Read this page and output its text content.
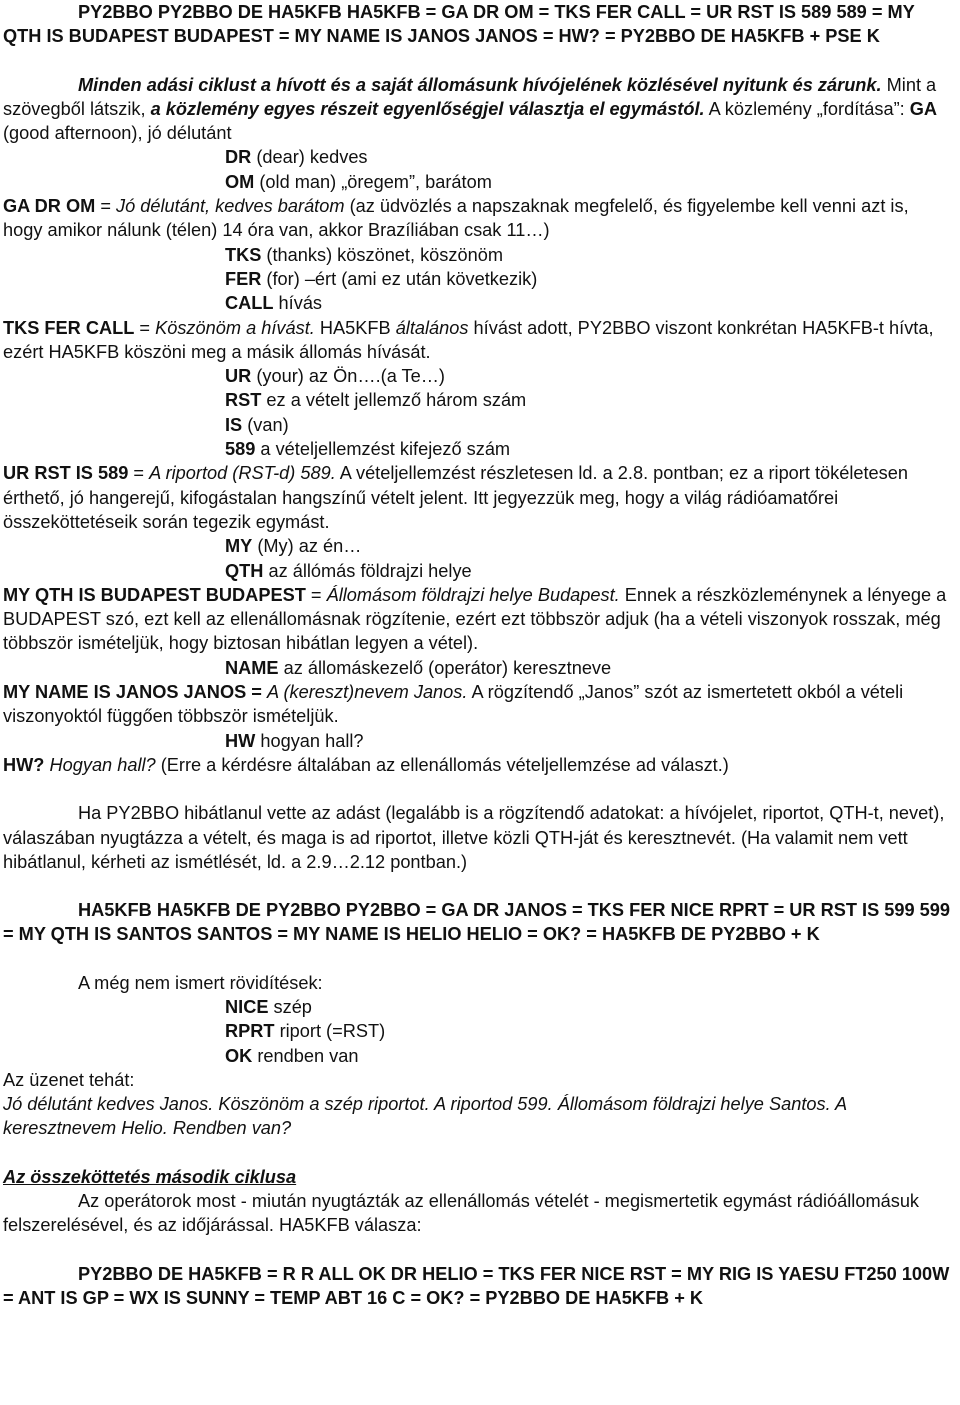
PY2BBO PY2BBO DE HA5KFB HA5KFB = GA DR OM = TKS FER CALL = UR RST IS 589 589 = MY QTH IS BUDAPEST BUDAPEST = MY NAME IS JANOS JANOS = HW? = PY2BBO DE HA5KFB + PSE K

Minden adási ciklust a hívott és a saját állomásunk hívójelének közlésével nyitunk és zárunk. Mint a szövegből látszik, a közlemény egyes részeit egyenlőségjel választja el egymástól. A közlemény „fordítása”: GA (good afternoon), jó délutánt

DR (dear) kedves

OM (old man) „öregem”, barátom

GA DR OM = Jó délutánt, kedves barátom (az üdvözlés a napszaknak megfelelő, és figyelembe kell venni azt is, hogy amikor nálunk (télen) 14 óra van, akkor Brazíliában csak 11…)

TKS (thanks) köszönet, köszönöm

FER (for) –ért (ami ez után következik)

CALL hívás

TKS FER CALL = Köszönöm a hívást. HA5KFB általános hívást adott, PY2BBO viszont konkrétan HA5KFB-t hívta, ezért HA5KFB köszöni meg a másik állomás hívását.

UR (your) az Ön….(a Te…)

RST ez a vételt jellemző három szám

IS (van)

589 a vételjellemzést kifejező szám

UR RST IS 589 = A riportod (RST-d) 589. A vételjellemzést részletesen ld. a 2.8. pontban; ez a riport tökéletesen érthető, jó hangerejű, kifogástalan hangszínű vételt jelent. Itt jegyezzük meg, hogy a világ rádióamatőrei összeköttetéseik során tegezik egymást.

MY (My) az én…

QTH az állómás földrajzi helye

MY QTH IS BUDAPEST BUDAPEST = Állomásom földrajzi helye Budapest. Ennek a részközleménynek a lényege a BUDAPEST szó, ezt kell az ellenállomásnak rögzítenie, ezért ezt többször adjuk (ha a vételi viszonyok rosszak, még többször ismételjük, hogy biztosan hibátlan legyen a vétel).

NAME az állomáskezelő (operátor) keresztneve

MY NAME IS JANOS JANOS = A (kereszt)nevem Janos. A rögzítendő „Janos” szót az ismertetett okból a vételi viszonyoktól függően többször ismételjük.

HW hogyan hall?

HW? Hogyan hall? (Erre a kérdésre általában az ellenállomás vételjellemzése ad választ.)

Ha PY2BBO hibátlanul vette az adást (legalább is a rögzítendő adatokat: a hívójelet, riportot, QTH-t, nevet), válaszában nyugtázza a vételt, és maga is ad riportot, illetve közli QTH-ját és keresztnevét. (Ha valamit nem vett hibátlanul, kérheti az ismétlését, ld. a 2.9…2.12 pontban.)

HA5KFB HA5KFB DE PY2BBO PY2BBO = GA DR JANOS = TKS FER NICE RPRT = UR RST IS 599 599 = MY QTH IS SANTOS SANTOS = MY NAME IS HELIO HELIO = OK? = HA5KFB DE PY2BBO + K

A még nem ismert rövidítések:

NICE szép

RPRT riport (=RST)

OK rendben van

Az üzenet tehát:

Jó délutánt kedves Janos. Köszönöm a szép riportot. A riportod 599. Állomásom földrajzi helye Santos. A keresztnevem Helio. Rendben van?

Az összeköttetés második ciklusa

Az operátorok most - miután nyugtázták az ellenállomás vételét - megismertetik egymást rádióállomásuk felszerelésével, és az időjárással. HA5KFB válasza:

PY2BBO DE HA5KFB = R R ALL OK DR HELIO = TKS FER NICE RST = MY RIG IS YAESU FT250 100W = ANT IS GP = WX IS SUNNY = TEMP ABT 16 C = OK? = PY2BBO DE HA5KFB + K
